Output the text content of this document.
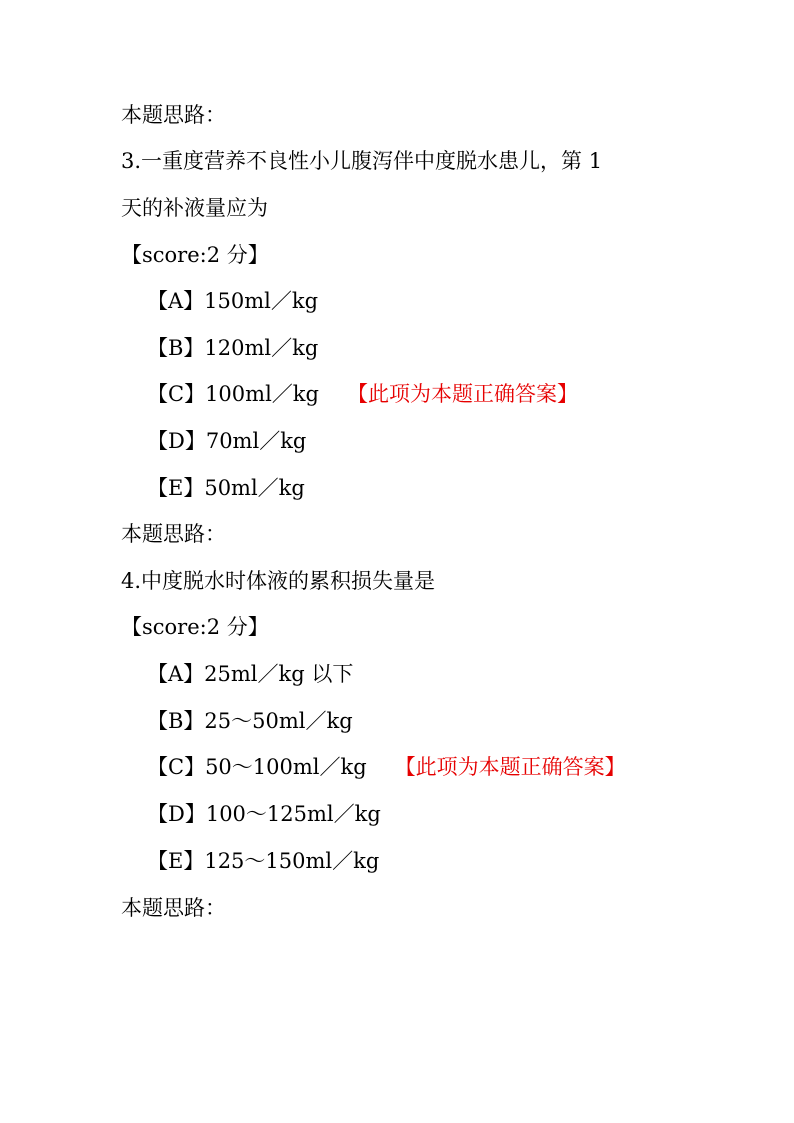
本题思路：
3.一重度营养不良性小儿腹泻伴中度脱水患儿，第 1
天的补液量应为
【score:2 分】
【A】150ml／kg
【B】120ml／kg
【C】100ml／kg 【此项为本题正确答案】
【D】70ml／kg
【E】50ml／kg
本题思路：
4.中度脱水时体液的累积损失量是
【score:2 分】
【A】25ml／kg 以下
【B】25～50ml／kg
【C】50～100ml／kg 【此项为本题正确答案】
【D】100～125ml／kg
【E】125～150ml／kg
本题思路：
